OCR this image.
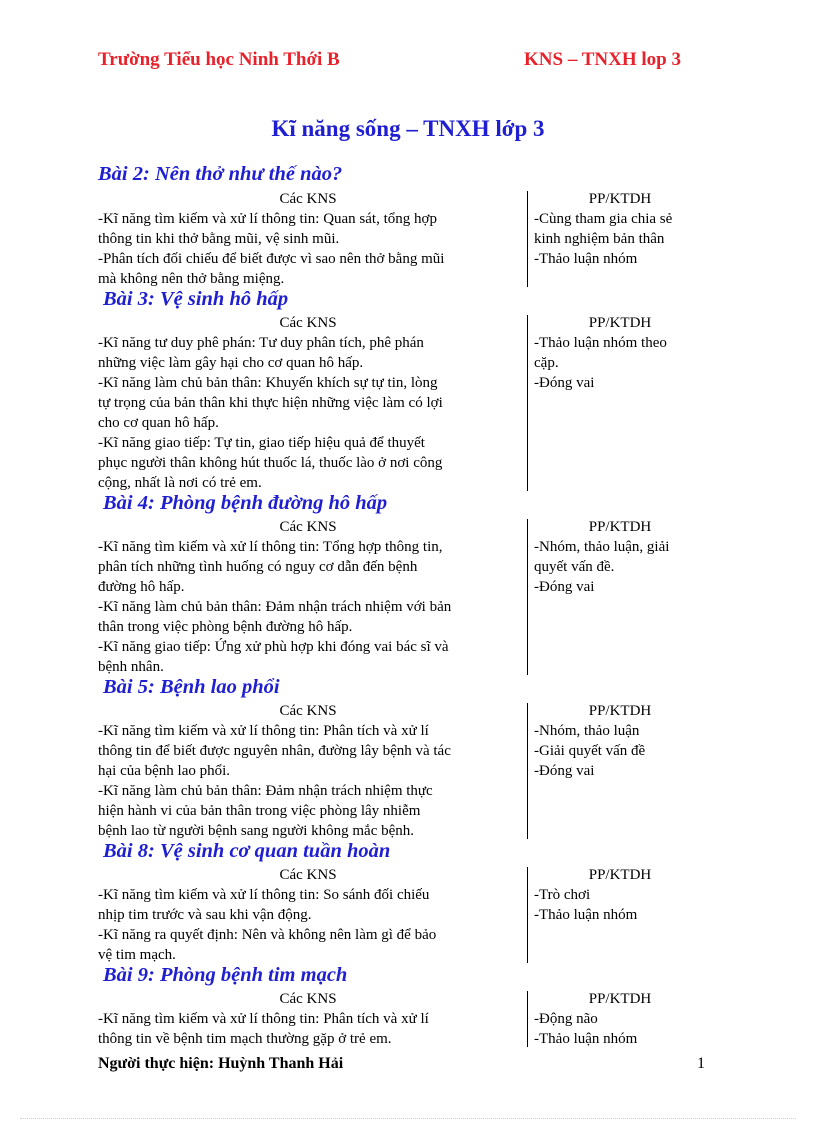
Trường Tiểu học Ninh Thới B	KNS – TNXH lop 3
Kĩ năng sống – TNXH lớp 3
Bài 2: Nên thở như thế nào?
Các KNS
-Kĩ năng tìm kiếm và xử lí thông tin: Quan sát, tổng hợp
thông tin khi thở bằng mũi, vệ sinh mũi.
-Phân tích đối chiếu để biết được vì sao nên thở bằng mũi
mà không nên thở bằng miệng.
PP/KTDH
-Cùng tham gia chia sẻ
kinh nghiệm bản thân
-Thảo luận nhóm
Bài 3: Vệ sinh hô hấp
Các KNS
-Kĩ năng tư duy phê phán: Tư duy phân tích, phê phán
những việc làm gây hại cho cơ quan hô hấp.
-Kĩ năng làm chủ bản thân: Khuyến khích sự tự tin, lòng
tự trọng của bản thân khi thực hiện những việc làm có lợi
cho cơ quan hô hấp.
-Kĩ năng giao tiếp: Tự tin, giao tiếp hiệu quả để thuyết
phục người thân không hút thuốc lá, thuốc lào ở nơi công
cộng, nhất là nơi có trẻ em.
PP/KTDH
-Thảo luận nhóm theo
cặp.
-Đóng vai
Bài 4: Phòng bệnh đường hô hấp
Các KNS
-Kĩ năng tìm kiếm và xử lí thông tin: Tổng hợp thông tin,
phân tích những tình huống có nguy cơ dẫn đến bệnh
đường hô hấp.
-Kĩ năng làm chủ bản thân: Đảm nhận trách nhiệm với bản
thân trong việc phòng bệnh đường hô hấp.
-Kĩ năng giao tiếp: Ứng xử phù hợp khi đóng vai bác sĩ và
bệnh nhân.
PP/KTDH
-Nhóm, thảo luận, giải
quyết vấn đề.
-Đóng vai
Bài 5: Bệnh lao phổi
Các KNS
-Kĩ năng tìm kiếm và xử lí thông tin: Phân tích và xử lí
thông tin để biết được nguyên nhân, đường lây bệnh và tác
hại của bệnh lao phổi.
-Kĩ năng làm chủ bản thân: Đảm nhận trách nhiệm thực
hiện hành vi của bản thân trong việc phòng lây nhiễm
bệnh lao từ người bệnh sang người không mắc bệnh.
PP/KTDH
-Nhóm, thảo luận
-Giải quyết vấn đề
-Đóng vai
Bài 8: Vệ sinh cơ quan tuần hoàn
Các KNS
-Kĩ năng tìm kiếm và xử lí thông tin: So sánh đối chiếu
nhịp tim trước và sau khi vận động.
-Kĩ năng ra quyết định: Nên và không nên làm gì để bảo
vệ tim mạch.
PP/KTDH
-Trò chơi
-Thảo luận nhóm
Bài 9: Phòng bệnh tim mạch
Các KNS
-Kĩ năng tìm kiếm và xử lí thông tin: Phân tích và xử lí
thông tin về bệnh tim mạch thường gặp ở trẻ em.
PP/KTDH
-Động não
-Thảo luận nhóm
Người thực hiện: Huỳnh Thanh Hải	1
